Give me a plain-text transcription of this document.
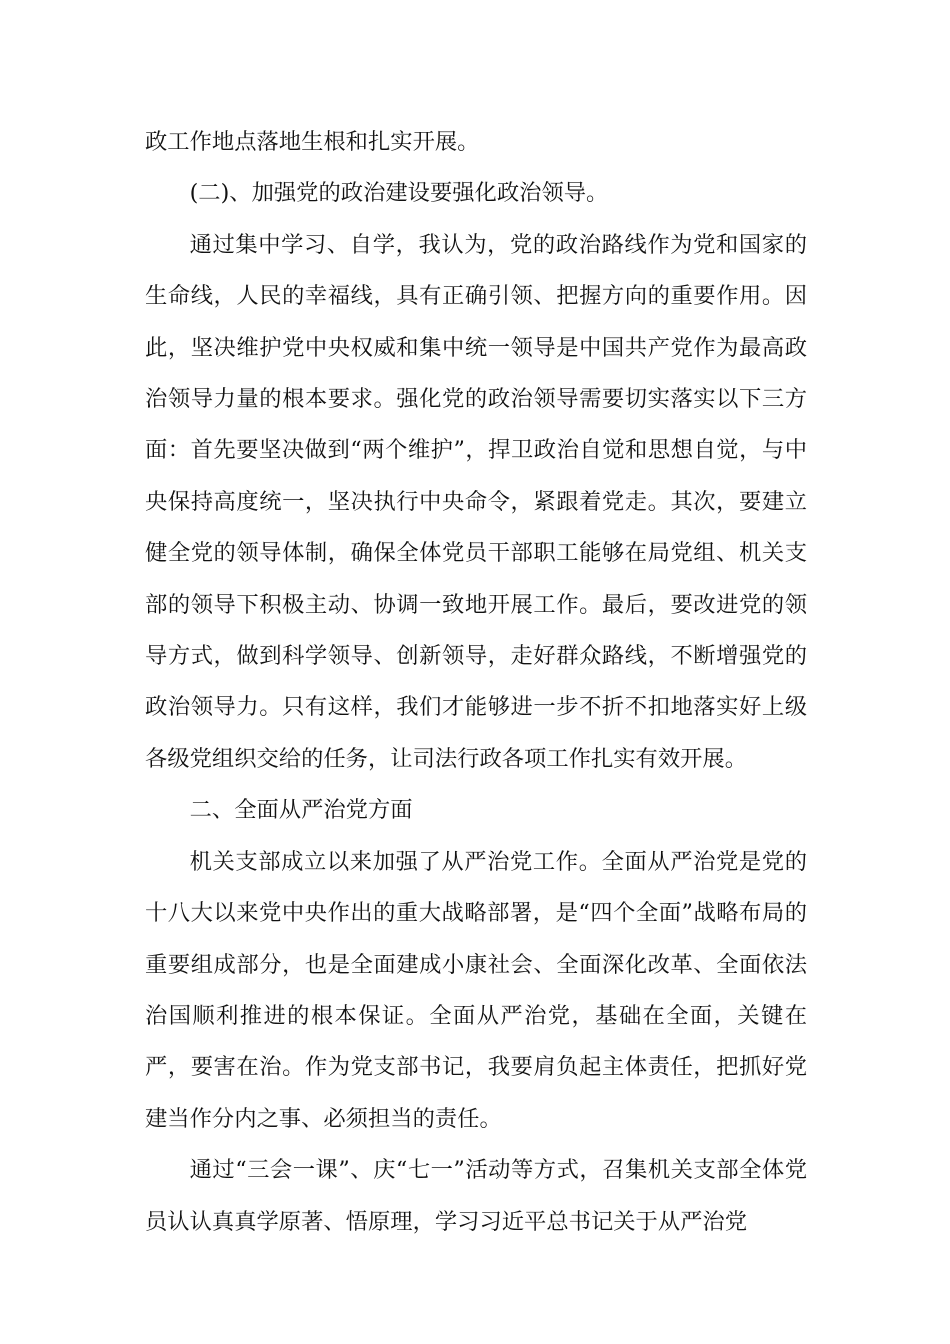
政工作地点落地生根和扎实开展。

(二)、加强党的政治建设要强化政治领导。

通过集中学习、自学，我认为，党的政治路线作为党和国家的生命线，人民的幸福线，具有正确引领、把握方向的重要作用。因此，坚决维护党中央权威和集中统一领导是中国共产党作为最高政治领导力量的根本要求。强化党的政治领导需要切实落实以下三方面：首先要坚决做到“两个维护”，捍卫政治自觉和思想自觉，与中央保持高度统一，坚决执行中央命令，紧跟着党走。其次，要建立健全党的领导体制，确保全体党员干部职工能够在局党组、机关支部的领导下积极主动、协调一致地开展工作。最后，要改进党的领导方式，做到科学领导、创新领导，走好群众路线，不断增强党的政治领导力。只有这样，我们才能够进一步不折不扣地落实好上级各级党组织交给的任务，让司法行政各项工作扎实有效开展。

二、全面从严治党方面

机关支部成立以来加强了从严治党工作。全面从严治党是党的十八大以来党中央作出的重大战略部署，是“四个全面”战略布局的重要组成部分，也是全面建成小康社会、全面深化改革、全面依法治国顺利推进的根本保证。全面从严治党，基础在全面，关键在严，要害在治。作为党支部书记，我要肩负起主体责任，把抓好党建当作分内之事、必须担当的责任。

通过“三会一课”、庆“七一”活动等方式，召集机关支部全体党员认认真真学原著、悟原理，学习习近平总书记关于从严治党
